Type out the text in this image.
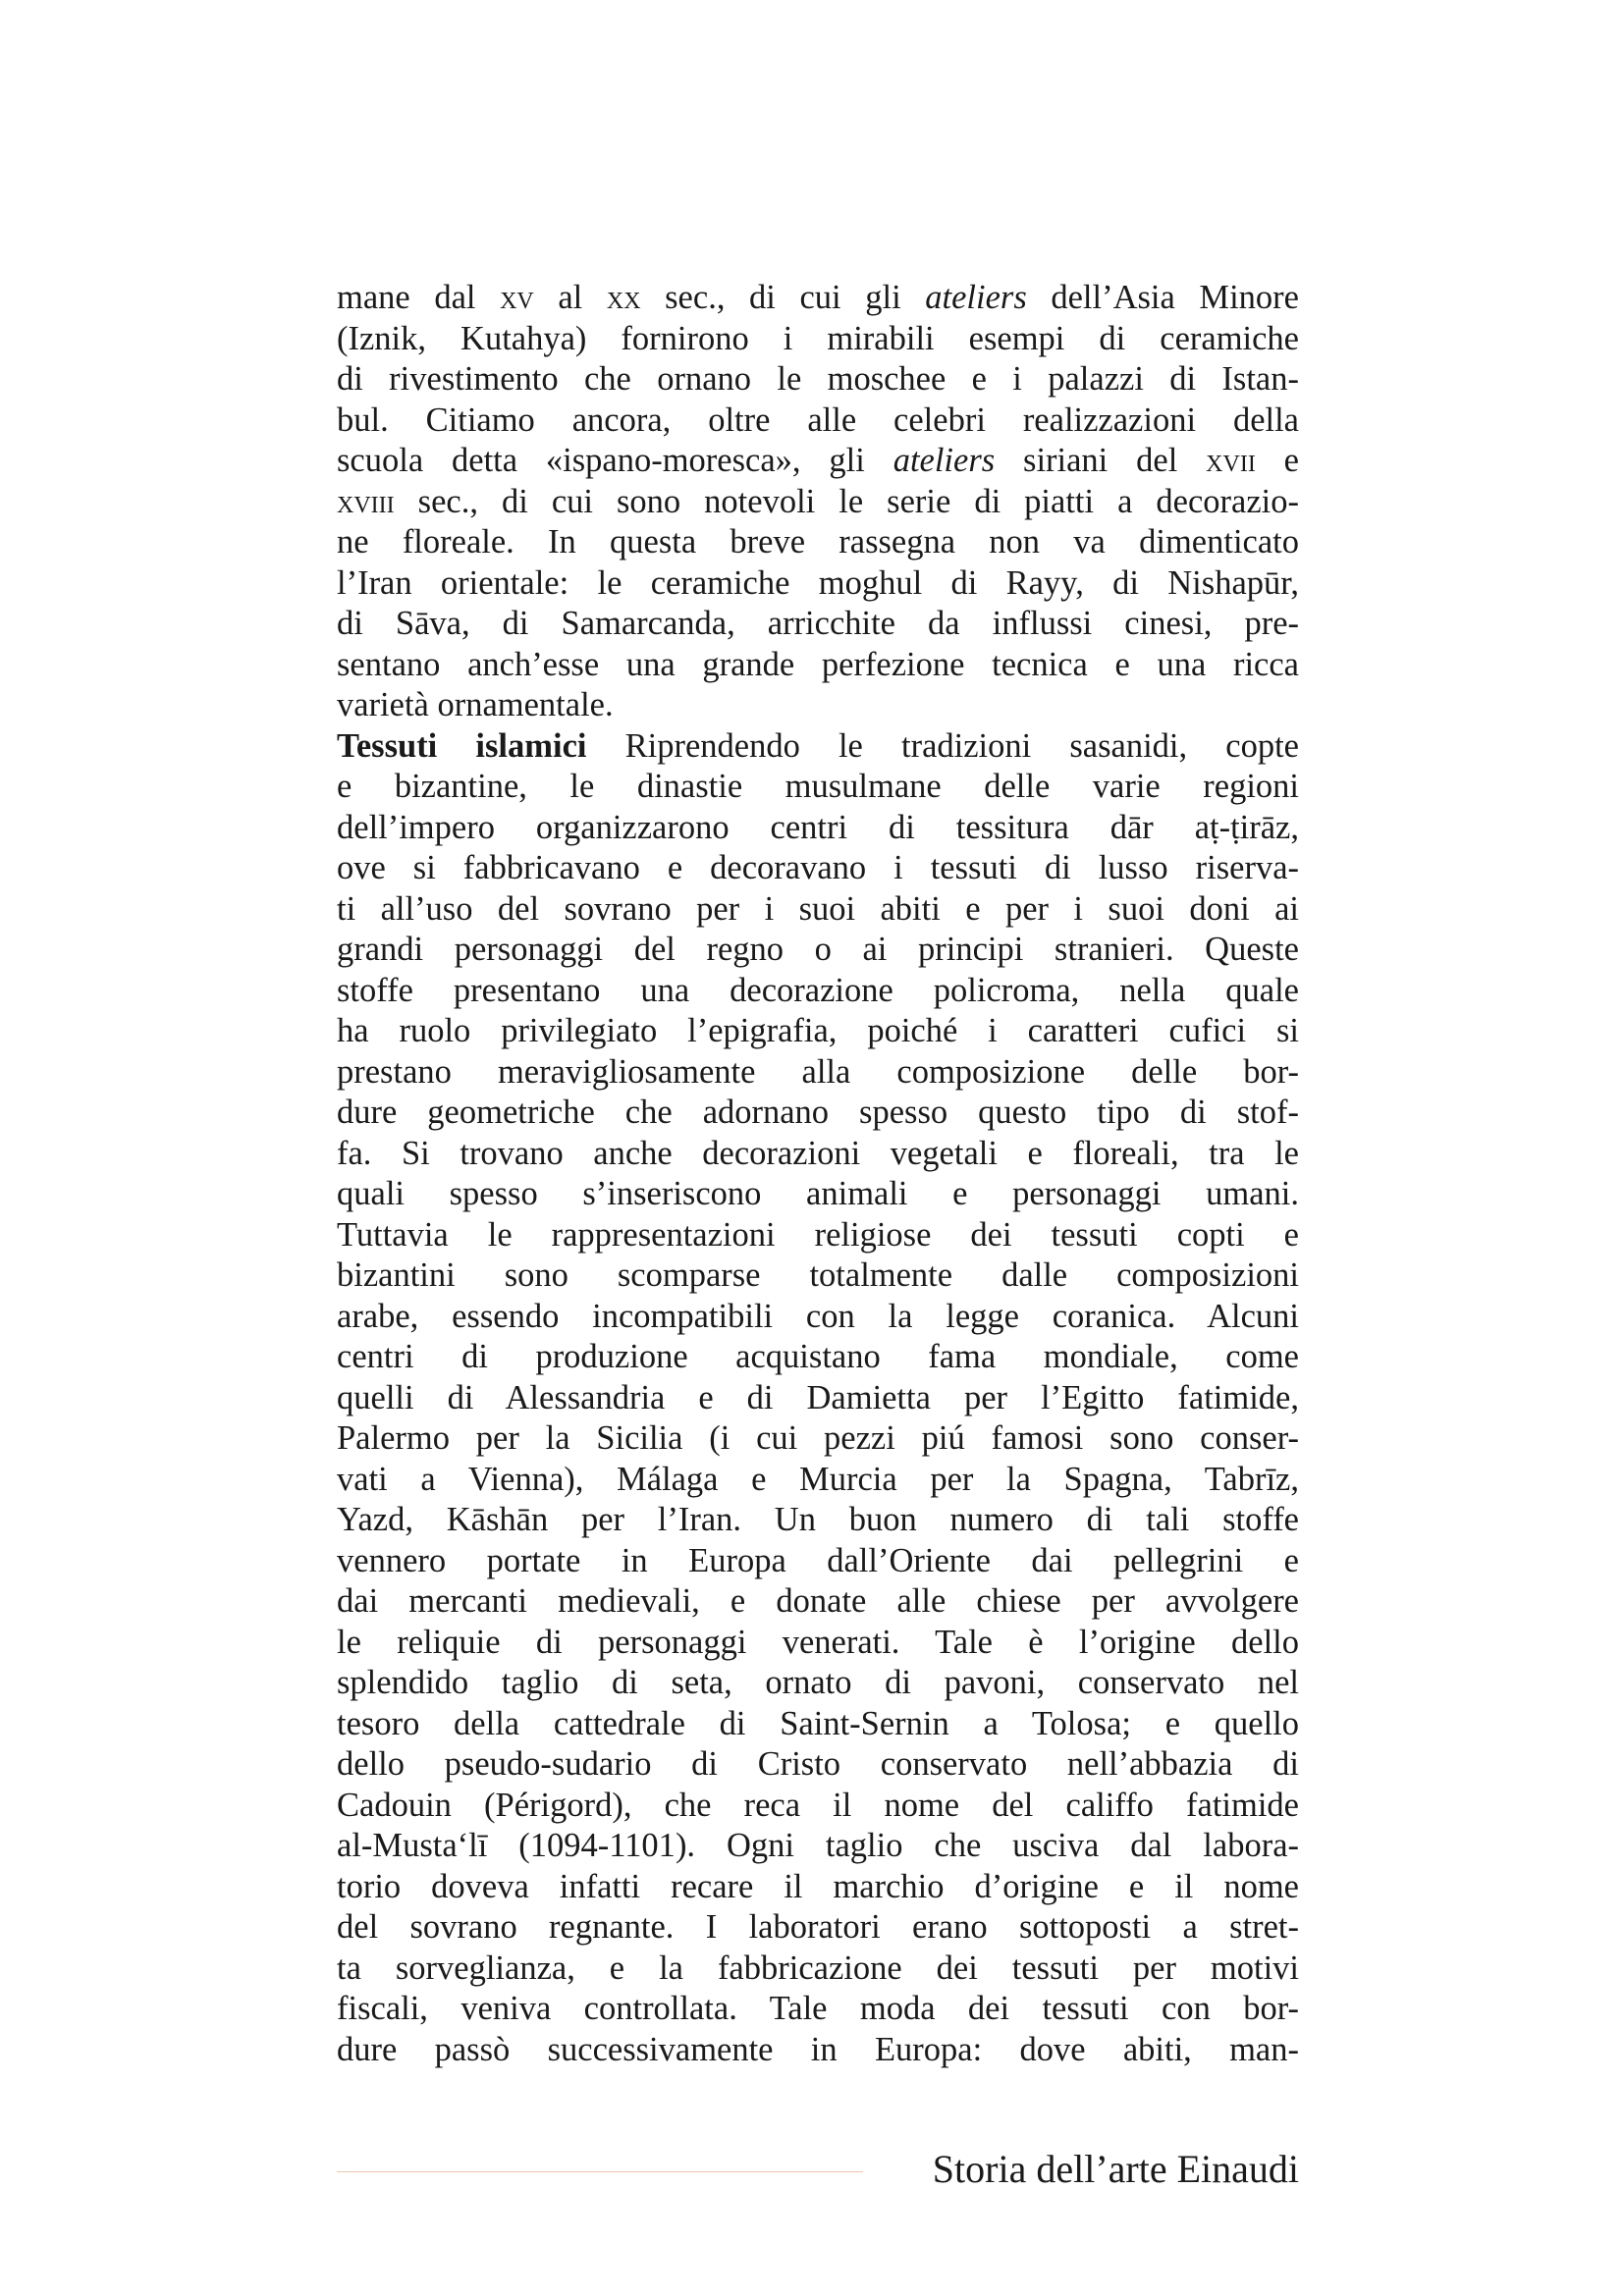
mane dal xv al xx sec., di cui gli ateliers dell’Asia Minore
(Iznik, Kutahya) fornirono i mirabili esempi di ceramiche
di rivestimento che ornano le moschee e i palazzi di Istan-
bul. Citiamo ancora, oltre alle celebri realizzazioni della
scuola detta «ispano-moresca», gli ateliers siriani del xvii e
xviii sec., di cui sono notevoli le serie di piatti a decorazio-
ne floreale. In questa breve rassegna non va dimenticato
l’Iran orientale: le ceramiche moghul di Rayy, di Nishapūr,
di Sāva, di Samarcanda, arricchite da influssi cinesi, pre-
sentano anch’esse una grande perfezione tecnica e una ricca
varietà ornamentale.
Tessuti islamici Riprendendo le tradizioni sasanidi, copte
e bizantine, le dinastie musulmane delle varie regioni
dell’impero organizzarono centri di tessitura dār aṭ-ṭirāz,
ove si fabbricavano e decoravano i tessuti di lusso riserva-
ti all’uso del sovrano per i suoi abiti e per i suoi doni ai
grandi personaggi del regno o ai principi stranieri. Queste
stoffe presentano una decorazione policroma, nella quale
ha ruolo privilegiato l’epigrafia, poiché i caratteri cufici si
prestano meravigliosamente alla composizione delle bor-
dure geometriche che adornano spesso questo tipo di stof-
fa. Si trovano anche decorazioni vegetali e floreali, tra le
quali spesso s’inseriscono animali e personaggi umani.
Tuttavia le rappresentazioni religiose dei tessuti copti e
bizantini sono scomparse totalmente dalle composizioni
arabe, essendo incompatibili con la legge coranica. Alcuni
centri di produzione acquistano fama mondiale, come
quelli di Alessandria e di Damietta per l’Egitto fatimide,
Palermo per la Sicilia (i cui pezzi piú famosi sono conser-
vati a Vienna), Málaga e Murcia per la Spagna, Tabrīz,
Yazd, Kāshān per l’Iran. Un buon numero di tali stoffe
vennero portate in Europa dall’Oriente dai pellegrini e
dai mercanti medievali, e donate alle chiese per avvolgere
le reliquie di personaggi venerati. Tale è l’origine dello
splendido taglio di seta, ornato di pavoni, conservato nel
tesoro della cattedrale di Saint-Sernin a Tolosa; e quello
dello pseudo-sudario di Cristo conservato nell’abbazia di
Cadouin (Périgord), che reca il nome del califfo fatimide
al-Musta‘lī (1094-1101). Ogni taglio che usciva dal labora-
torio doveva infatti recare il marchio d’origine e il nome
del sovrano regnante. I laboratori erano sottoposti a stret-
ta sorveglianza, e la fabbricazione dei tessuti per motivi
fiscali, veniva controllata. Tale moda dei tessuti con bor-
dure passò successivamente in Europa: dove abiti, man-
Storia dell’arte Einaudi
